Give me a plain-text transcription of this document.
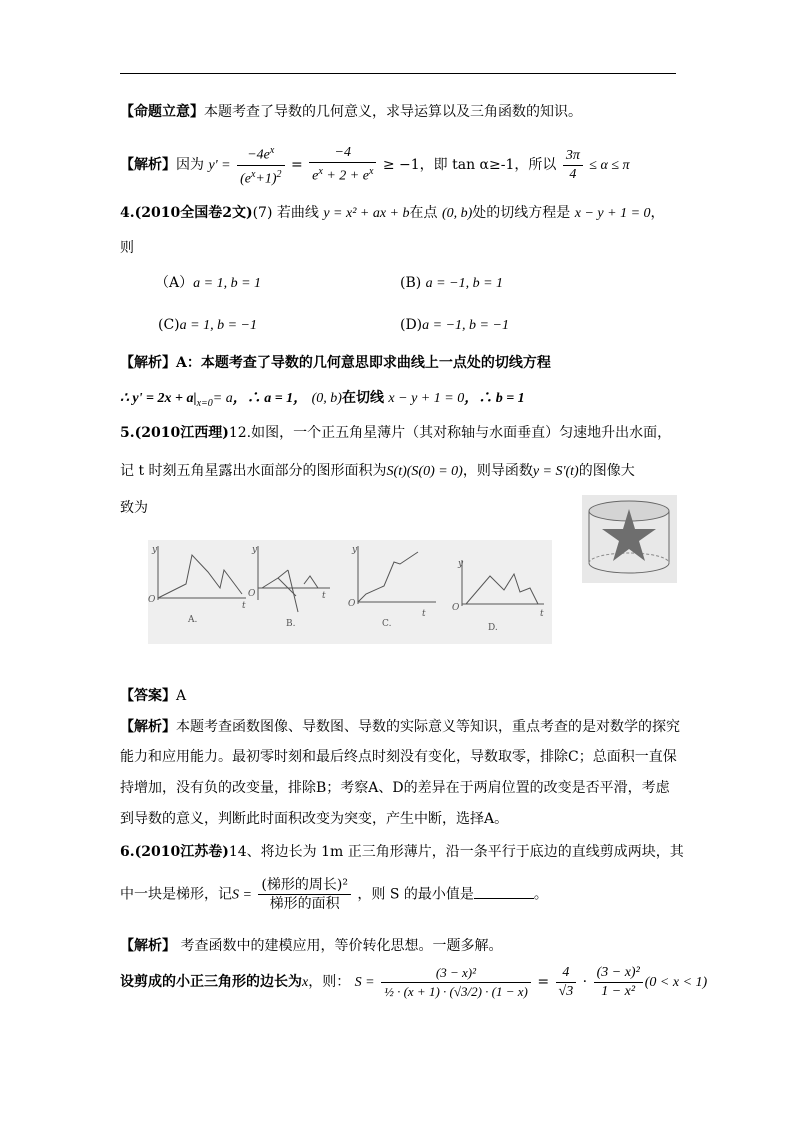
【命题立意】本题考查了导数的几何意义，求导运算以及三角函数的知识。
【解析】因为 $y' = \frac{-4e^x}{(e^x+1)^2} = \frac{-4}{e^x + 2 + e^x} \ge -1$，即 tan α≥-1，所以 $\frac{3\pi}{4} \le \alpha \le \pi$
4.(2010全国卷2文)(7) 若曲线 y = x² + ax + b在点 (0, b)处的切线方程是 x − y + 1 = 0，
则
（A）a = 1, b = 1	(B) a = −1, b = 1
(C)a = 1, b = −1	(D)a = −1, b = −1
【解析】A：本题考查了导数的几何意思即求曲线上一点处的切线方程
∴ $y' = 2x + a|_{x=0}= a$，∴ a = 1， (0, b)在切线 x − y + 1 = 0，∴ b = 1
5.(2010江西理)12.如图，一个正五角星薄片（其对称轴与水面垂直）匀速地升出水面，
记 t 时刻五角星露出水面部分的图形面积为S(t)(S(0) = 0)，则导函数y = S'(t)的图像大
致为
y
O
t
A.
y
O	t
B.
y
O
t
C.
y
O
t
D.
【答案】A
【解析】本题考查函数图像、导数图、导数的实际意义等知识，重点考查的是对数学的探究
能力和应用能力。最初零时刻和最后终点时刻没有变化，导数取零，排除C；总面积一直保
持增加，没有负的改变量，排除B；考察A、D的差异在于两肩位置的改变是否平滑，考虑
到导数的意义，判断此时面积改变为突变，产生中断，选择A。
6.(2010江苏卷)14、将边长为 1m 正三角形薄片，沿一条平行于底边的直线剪成两块，其
中一块是梯形，记$S = \frac{\text{(梯形的周长)²}}{\text{梯形的面积}}$ ，则 S 的最小值是	。
【解析】 考查函数中的建模应用，等价转化思想。一题多解。
设剪成的小正三角形的边长为x，则： $S = \frac{\text{(3 − x)²}}{\text{½ · (x + 1) · (√3/2) · (1 − x)}} = \frac{4}{√3} \cdot \frac{\text{(3 − x)²}}{\text{1 − x²}} (0 < x < 1)$
